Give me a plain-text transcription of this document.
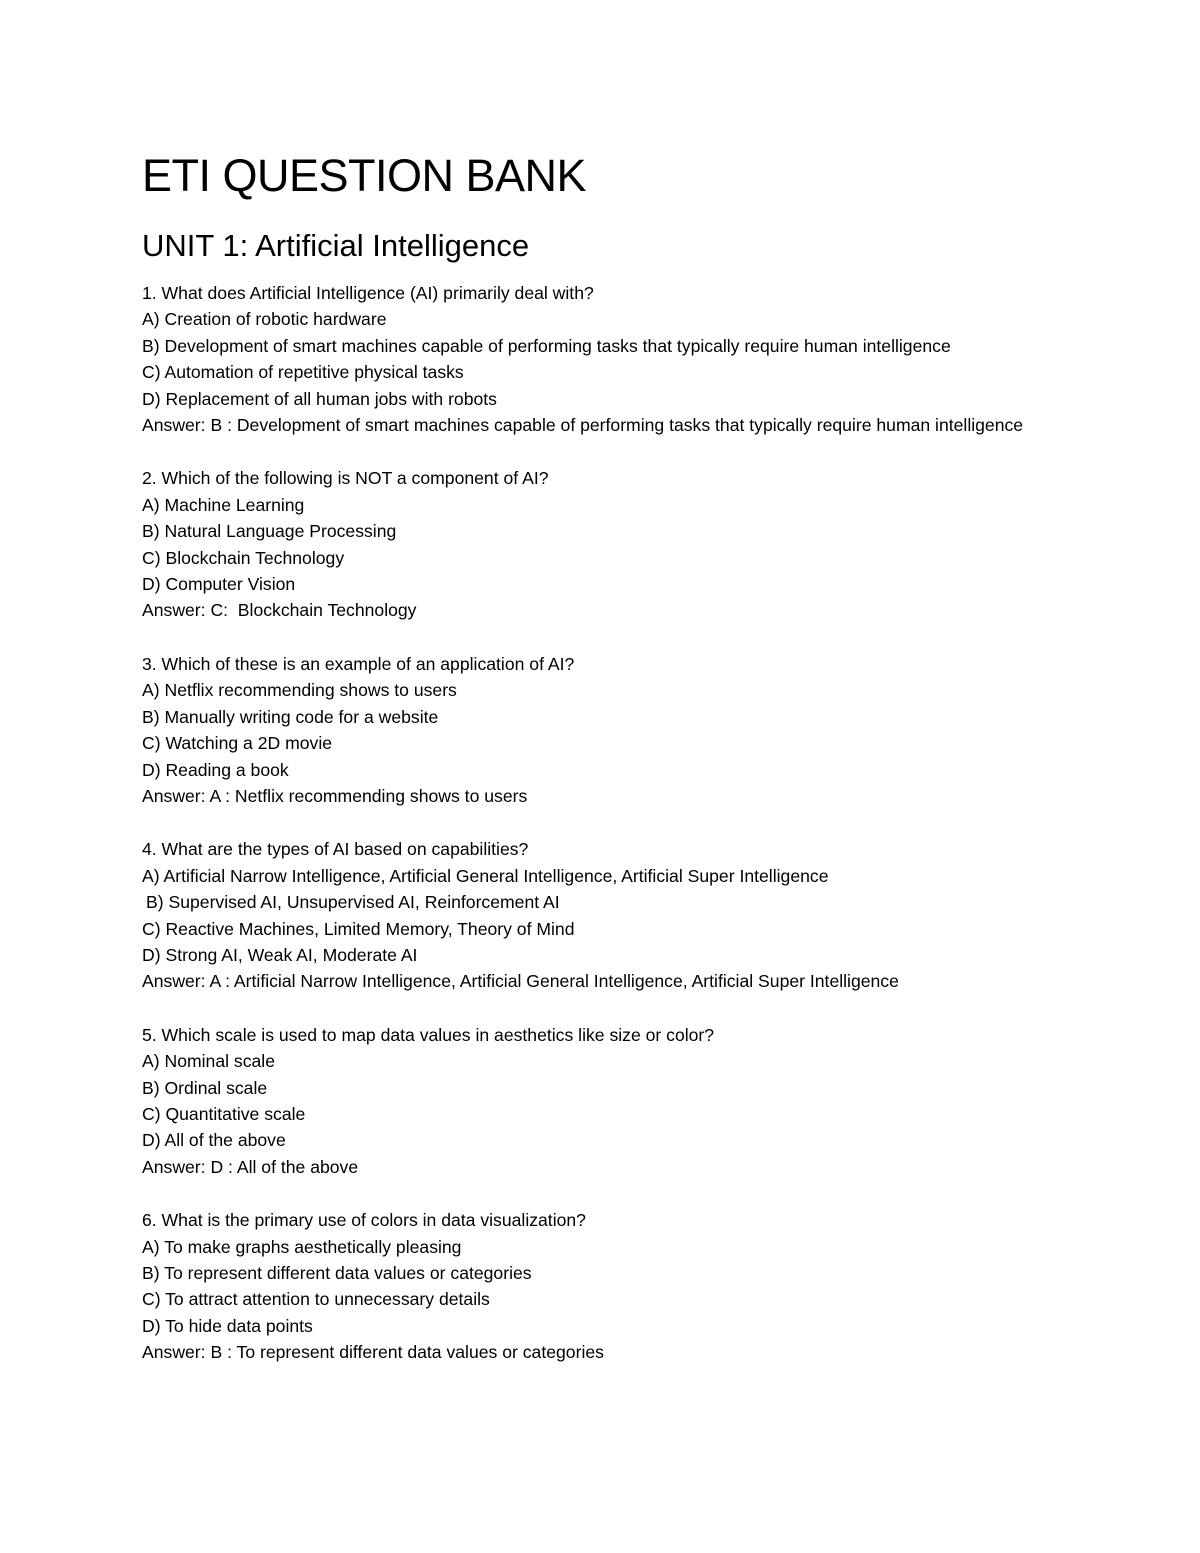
ETI QUESTION BANK
UNIT 1: Artificial Intelligence

1. What does Artificial Intelligence (AI) primarily deal with?

A) Creation of robotic hardware

B) Development of smart machines capable of performing tasks that typically require human intelligence

C) Automation of repetitive physical tasks

D) Replacement of all human jobs with robots

Answer: B : Development of smart machines capable of performing tasks that typically require human intelligence

2. Which of the following is NOT a component of AI?

A) Machine Learning

B) Natural Language Processing

C) Blockchain Technology

D) Computer Vision

Answer: C:  Blockchain Technology

3. Which of these is an example of an application of AI?

A) Netflix recommending shows to users

B) Manually writing code for a website

C) Watching a 2D movie

D) Reading a book

Answer: A : Netflix recommending shows to users

4. What are the types of AI based on capabilities?

A) Artificial Narrow Intelligence, Artificial General Intelligence, Artificial Super Intelligence

B) Supervised AI, Unsupervised AI, Reinforcement AI

C) Reactive Machines, Limited Memory, Theory of Mind

D) Strong AI, Weak AI, Moderate AI

Answer: A : Artificial Narrow Intelligence, Artificial General Intelligence, Artificial Super Intelligence

5. Which scale is used to map data values in aesthetics like size or color?

A) Nominal scale

B) Ordinal scale

C) Quantitative scale

D) All of the above

Answer: D : All of the above

6. What is the primary use of colors in data visualization?

A) To make graphs aesthetically pleasing

B) To represent different data values or categories

C) To attract attention to unnecessary details

D) To hide data points

Answer: B : To represent different data values or categories
